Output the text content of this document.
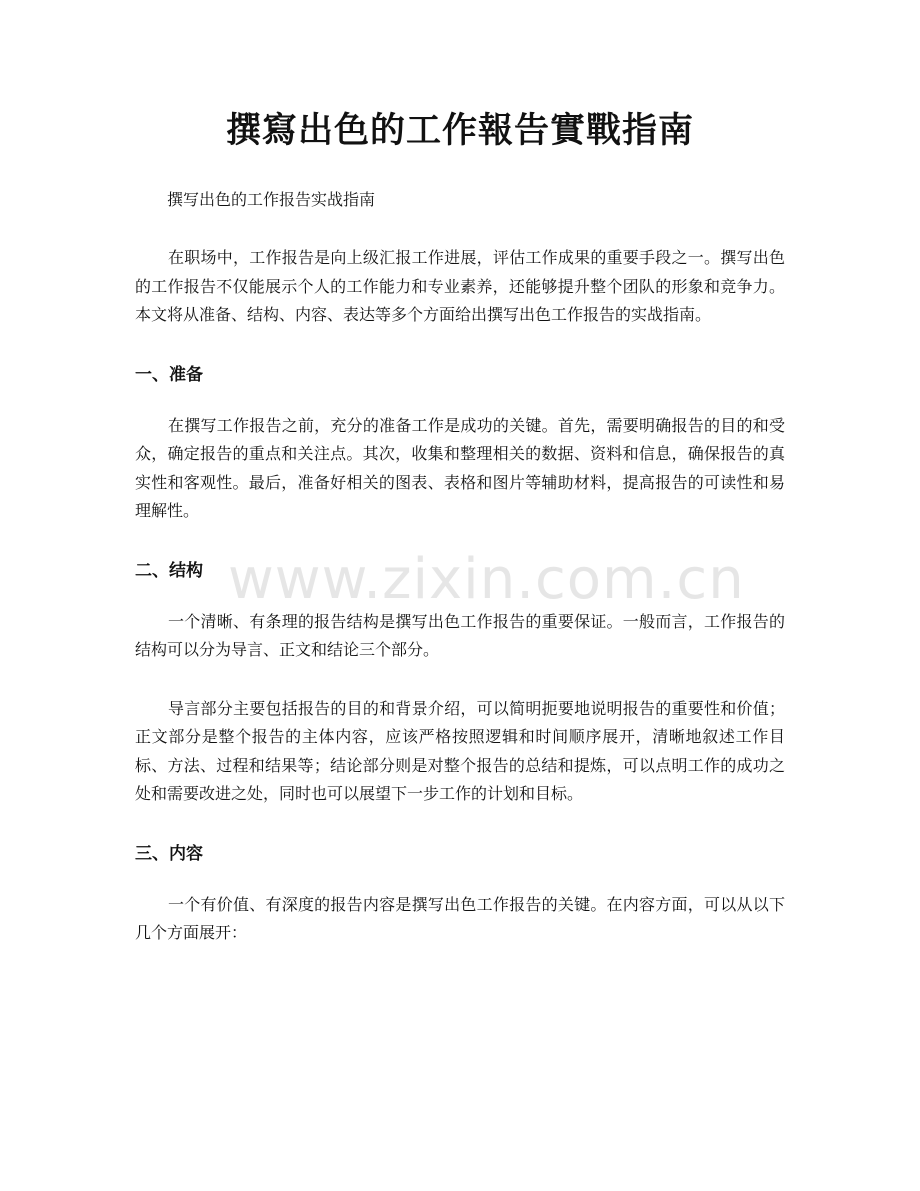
撰寫出色的工作報告實戰指南

撰写出色的工作报告实战指南

在职场中，工作报告是向上级汇报工作进展，评估工作成果的重要手段之一。撰写出色的工作报告不仅能展示个人的工作能力和专业素养，还能够提升整个团队的形象和竞争力。本文将从准备、结构、内容、表达等多个方面给出撰写出色工作报告的实战指南。

一、准备

在撰写工作报告之前，充分的准备工作是成功的关键。首先，需要明确报告的目的和受众，确定报告的重点和关注点。其次，收集和整理相关的数据、资料和信息，确保报告的真实性和客观性。最后，准备好相关的图表、表格和图片等辅助材料，提高报告的可读性和易理解性。

二、结构

一个清晰、有条理的报告结构是撰写出色工作报告的重要保证。一般而言，工作报告的结构可以分为导言、正文和结论三个部分。

导言部分主要包括报告的目的和背景介绍，可以简明扼要地说明报告的重要性和价值；正文部分是整个报告的主体内容，应该严格按照逻辑和时间顺序展开，清晰地叙述工作目标、方法、过程和结果等；结论部分则是对整个报告的总结和提炼，可以点明工作的成功之处和需要改进之处，同时也可以展望下一步工作的计划和目标。

三、内容

一个有价值、有深度的报告内容是撰写出色工作报告的关键。在内容方面，可以从以下几个方面展开：

www.zixin.com.cn
